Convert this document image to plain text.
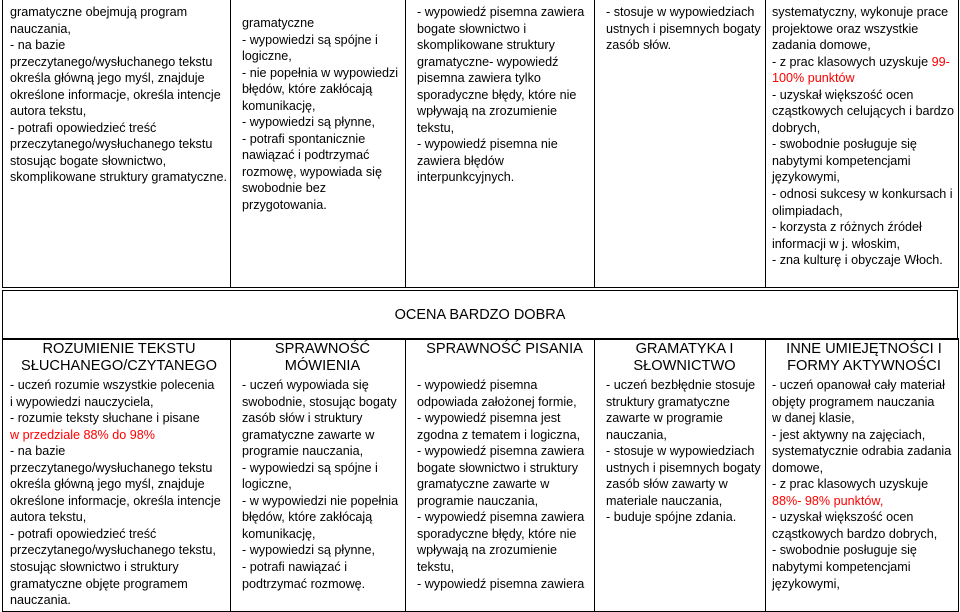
gramatyczne obejmują program nauczania,
- na bazie przeczytanego/wysłuchanego tekstu określa główną jego myśl, znajduje określone informacje, określa intencje autora tekstu,
- potrafi opowiedzieć treść przeczytanego/wysłuchanego tekstu stosując bogate słownictwo, skomplikowane struktury gramatyczne.

gramatyczne
- wypowiedzi są spójne i logiczne,
- nie popełnia w wypowiedzi błędów, które zakłócają komunikację,
- wypowiedzi są płynne,
- potrafi spontanicznie nawiązać i podtrzymać rozmowę, wypowiada się swobodnie bez przygotowania.

- wypowiedź pisemna zawiera bogate słownictwo i skomplikowane struktury gramatyczne- wypowiedź pisemna zawiera tylko sporadyczne błędy, które nie wpływają na zrozumienie tekstu,
- wypowiedź pisemna nie zawiera błędów interpunkcyjnych.

- stosuje w wypowiedziach ustnych i pisemnych bogaty zasób słów.

systematyczny, wykonuje prace projektowe oraz wszystkie zadania domowe,
- z prac klasowych uzyskuje 99-100% punktów
- uzyskał większość ocen cząstkowych celujących i bardzo dobrych,
- swobodnie posługuje się nabytymi kompetencjami językowymi,
- odnosi sukcesy w konkursach i olimpiadach,
- korzysta z różnych źródeł informacji w j. włoskim,
- zna kulturę i obyczaje Włoch.
OCENA BARDZO DOBRA
ROZUMIENIE TEKSTU
SŁUCHANEGO/CZYTANEGO
- uczeń rozumie wszystkie polecenia
i wypowiedzi nauczyciela,
- rozumie teksty słuchane i pisane
w przedziale 88% do 98%
- na bazie przeczytanego/wysłuchanego tekstu określa główną jego myśl, znajduje określone informacje, określa intencje autora tekstu,
- potrafi opowiedzieć treść przeczytanego/wysłuchanego tekstu, stosując słownictwo i struktury gramatyczne objęte programem nauczania.

SPRAWNOŚĆ
MÓWIENIA
- uczeń wypowiada się swobodnie, stosując bogaty zasób słów i struktury gramatyczne zawarte w programie nauczania,
- wypowiedzi są spójne i logiczne,
- w wypowiedzi nie popełnia błędów, które zakłócają komunikację,
- wypowiedzi są płynne,
- potrafi nawiązać i podtrzymać rozmowę.

SPRAWNOŚĆ PISANIA
- wypowiedź pisemna odpowiada założonej formie,
- wypowiedź pisemna jest zgodna z tematem i logiczna,
- wypowiedź pisemna zawiera bogate słownictwo i struktury gramatyczne zawarte w programie nauczania,
- wypowiedź pisemna zawiera sporadyczne błędy, które nie wpływają na zrozumienie tekstu,
- wypowiedź pisemna zawiera

GRAMATYKA I
SŁOWNICTWO
- uczeń bezbłędnie stosuje struktury gramatyczne zawarte w programie nauczania,
- stosuje w wypowiedziach ustnych i pisemnych bogaty zasób słów zawarty w materiale nauczania,
- buduje spójne zdania.

INNE UMIEJĘTNOŚCI I
FORMY AKTYWNOŚCI
- uczeń opanował cały materiał objęty programem nauczania
w danej klasie,
- jest aktywny na zajęciach, systematycznie odrabia zadania domowe,
- z prac klasowych uzyskuje
88%- 98% punktów,
- uzyskał większość ocen cząstkowych bardzo dobrych,
- swobodnie posługuje się nabytymi kompetencjami językowymi,
